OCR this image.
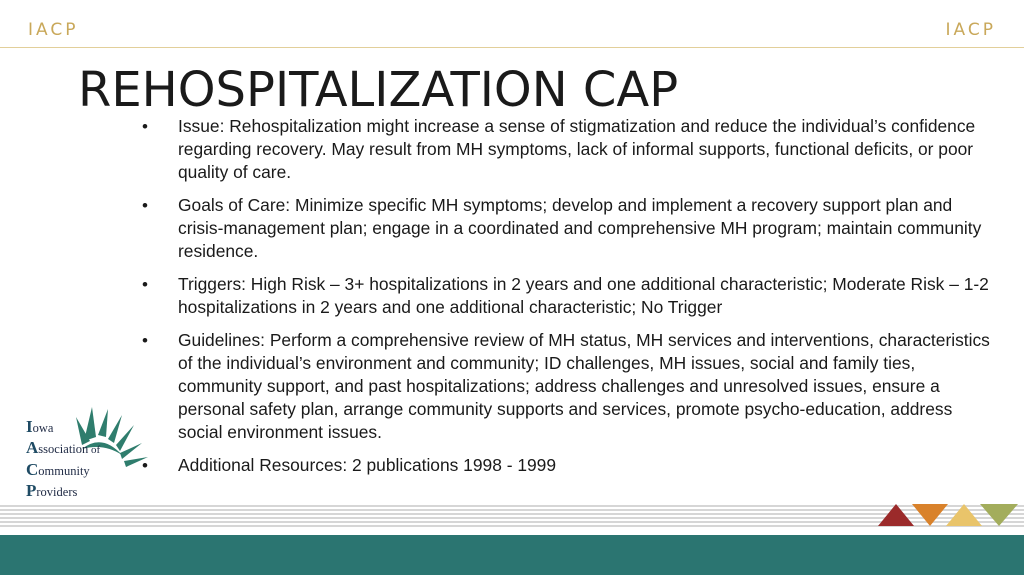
IACP	IACP
REHOSPITALIZATION CAP
• Issue: Rehospitalization might increase a sense of stigmatization and reduce the individual’s confidence regarding recovery. May result from MH symptoms, lack of informal supports, functional deficits, or poor quality of care.
• Goals of Care: Minimize specific MH symptoms; develop and implement a recovery support plan and crisis-management plan; engage in a coordinated and comprehensive MH program; maintain community residence.
• Triggers: High Risk – 3+ hospitalizations in 2 years and one additional characteristic; Moderate Risk – 1-2 hospitalizations in 2 years and one additional characteristic; No Trigger
• Guidelines: Perform a comprehensive review of MH status, MH services and interventions, characteristics of the individual’s environment and community; ID challenges, MH issues, social and family ties, community support, and past hospitalizations; address challenges and unresolved issues, ensure a personal safety plan, arrange community supports and services, promote psycho-education, address social environment issues.
• Additional Resources: 2 publications 1998 - 1999
Iowa
Association of
Community
Providers
